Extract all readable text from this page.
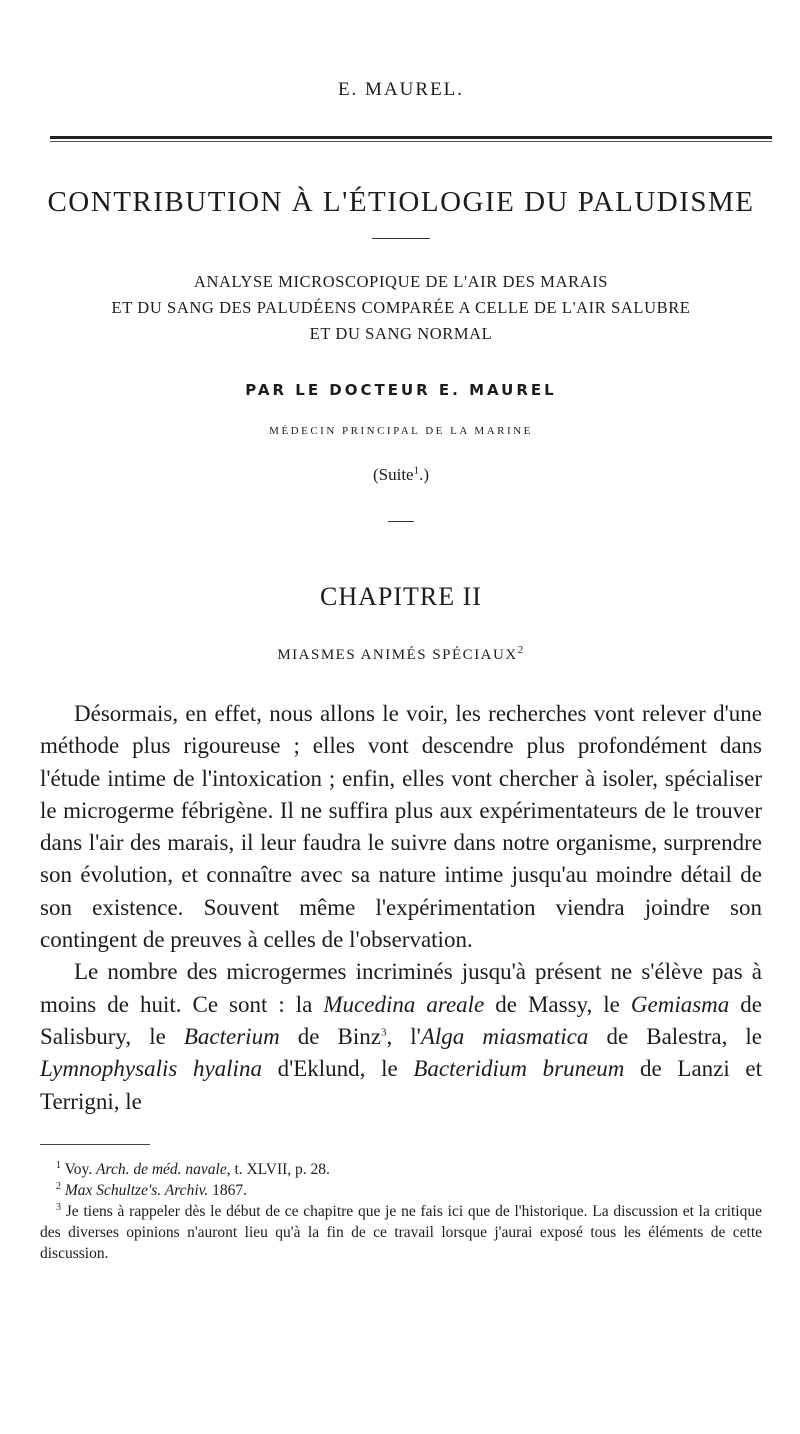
E. MAUREL.
CONTRIBUTION À L'ÉTIOLOGIE DU PALUDISME
ANALYSE MICROSCOPIQUE DE L'AIR DES MARAIS
ET DU SANG DES PALUDÉENS COMPARÉE A CELLE DE L'AIR SALUBRE
ET DU SANG NORMAL
PAR LE DOCTEUR E. MAUREL
MÉDECIN PRINCIPAL DE LA MARINE
(Suite$^1$.)
CHAPITRE II
MIASMES ANIMÉS SPÉCIAUX$^2$

Désormais, en effet, nous allons le voir, les recherches vont relever d'une méthode plus rigoureuse ; elles vont descendre plus profondément dans l'étude intime de l'intoxication ; enfin, elles vont chercher à isoler, spécialiser le microgerme fébrigène. Il ne suffira plus aux expérimentateurs de le trouver dans l'air des marais, il leur faudra le suivre dans notre organisme, surprendre son évolution, et connaître avec sa nature intime jusqu'au moindre détail de son existence. Souvent même l'expérimentation viendra joindre son contingent de preuves à celles de l'observation.

Le nombre des microgermes incriminés jusqu'à présent ne s'élève pas à moins de huit. Ce sont : la Mucedina areale de Massy, le Gemiasma de Salisbury, le Bacterium de Binz$^3$, l'Alga miasmatica de Balestra, le Lymnophysalis hyalina d'Eklund, le Bacteridium bruneum de Lanzi et Terrigni, le

$^1$ Voy. Arch. de méd. navale, t. XLVII, p. 28.

$^2$ Max Schultze's. Archiv. 1867.

$^3$ Je tiens à rappeler dès le début de ce chapitre que je ne fais ici que de l'historique. La discussion et la critique des diverses opinions n'auront lieu qu'à la fin de ce travail lorsque j'aurai exposé tous les éléments de cette discussion.
